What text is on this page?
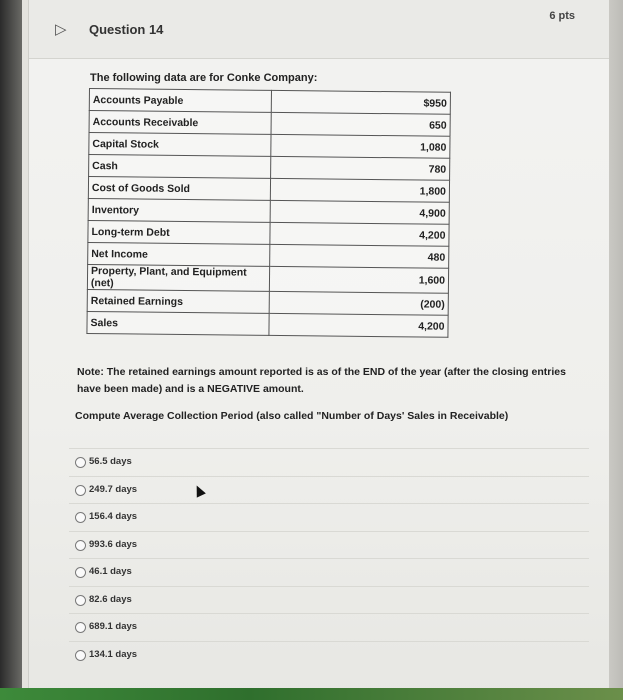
▷	Question 14
6 pts
The following data are for Conke Company:
Accounts Payable	$950
Accounts Receivable	650
Capital Stock	1,080
Cash	780
Cost of Goods Sold	1,800
Inventory	4,900
Long-term Debt	4,200
Net Income	480
Property, Plant, and Equipment (net)	1,600
Retained Earnings	(200)
Sales	4,200
Note: The retained earnings amount reported is as of the END of the year (after the closing entries have been made) and is a NEGATIVE amount.
Compute Average Collection Period (also called "Number of Days' Sales in Receivable)
56.5 days
249.7 days
156.4 days
993.6 days
46.1 days
82.6 days
689.1 days
134.1 days
